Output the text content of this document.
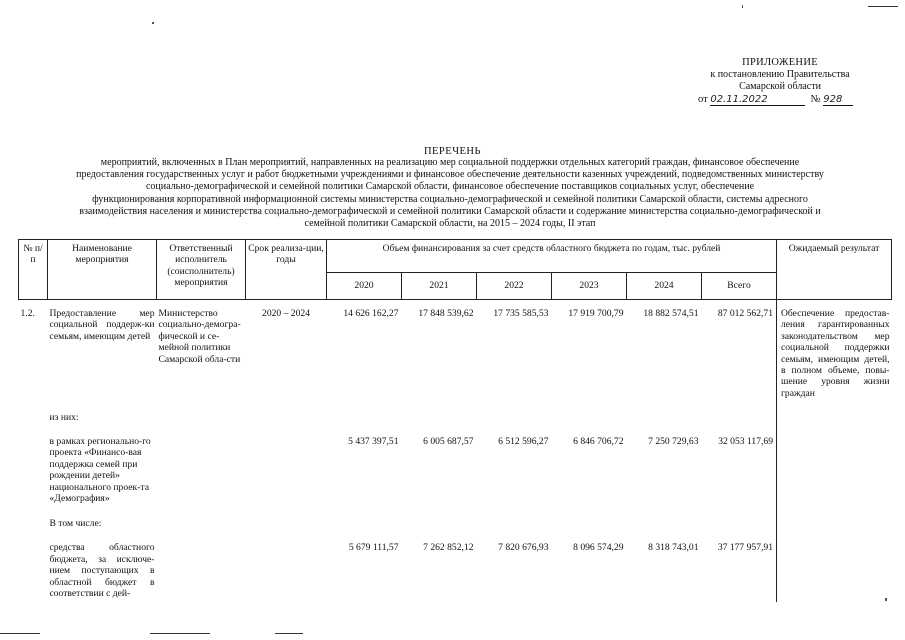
ПРИЛОЖЕНИЕ
к постановлению Правительства
Самарской области
от 02.11.2022	№ 928
ПЕРЕЧЕНЬ
мероприятий, включенных в План мероприятий, направленных на реализацию мер социальной поддержки отдельных категорий граждан, финансовое обеспечение
предоставления государственных услуг и работ бюджетными учреждениями и финансовое обеспечение деятельности казенных учреждений, подведомственных министерству
социально-демографической и семейной политики Самарской области, финансовое обеспечение поставщиков социальных услуг, обеспечение
функционирования корпоративной информационной системы министерства социально-демографической и семейной политики Самарской области, системы адресного
взаимодействия населения и министерства социально-демографической и семейной политики Самарской области и содержание министерства социально-демографической и
семейной политики Самарской области, на 2015 – 2024 годы, II этап
№ п/п	Наименование мероприятия	Ответственный исполнитель (соисполнитель) мероприятия	Срок реализа-ции, годы	Объем финансирования за счет средств областного бюджета по годам, тыс. рублей						Ожидаемый результат
				2020	2021	2022	2023	2024	Всего	
1.2.	Предоставление мер социальной поддерж-ки семьям, имеющим детей	Министерство социально-демогра-фической и се-мейной политики Самарской обла-сти	2020 – 2024	14 626 162,27	17 848 539,62	17 735 585,53	17 919 700,79	18 882 574,51	87 012 562,71	Обеспечение предостав-ления гарантированных законодательством мер социальной поддержки семьям, имеющим детей, в полном объеме, повы-шение уровня жизни граждан
	из них:									
	в рамках регионально-го проекта «Финансо-вая поддержка семей при рождении детей» национального проек-та «Демография»			5 437 397,51	6 005 687,57	6 512 596,27	6 846 706,72	7 250 729,63	32 053 117,69	
	В том числе:									
	средства областного бюджета, за исключе-нием поступающих в областной бюджет в соответствии с дей-			5 679 111,57	7 262 852,12	7 820 676,93	8 096 574,29	8 318 743,01	37 177 957,91	
